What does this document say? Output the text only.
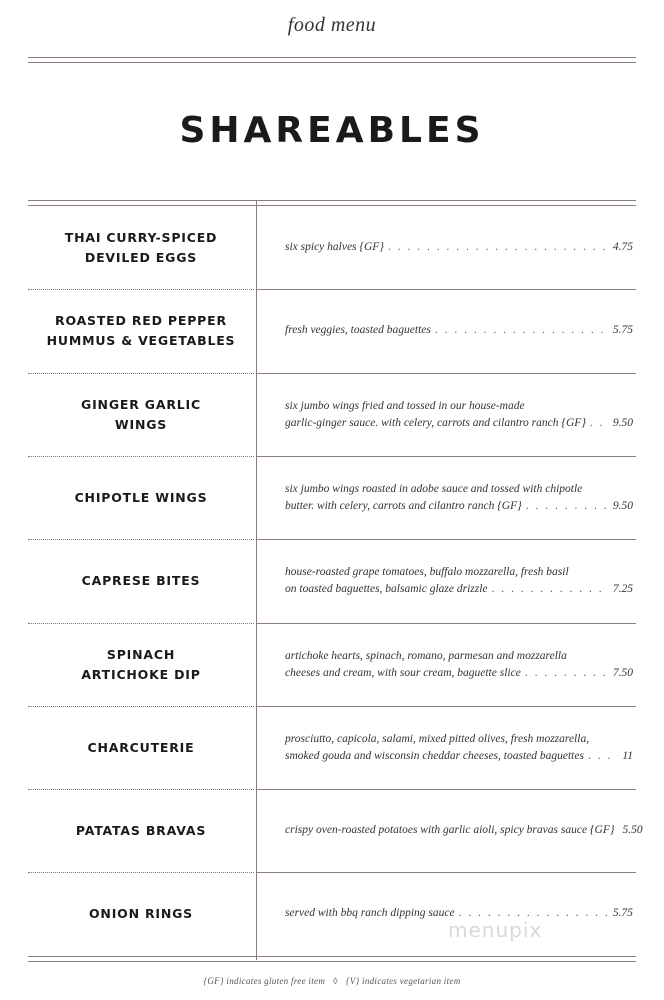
food menu
SHAREABLES
THAI CURRY-SPICED
DEVILED EGGS
six spicy halves {GF} . . .	4.75
ROASTED RED PEPPER
HUMMUS & VEGETABLES
fresh veggies, toasted baguettes . . .	5.75
GINGER GARLIC
WINGS
six jumbo wings fried and tossed in our house-made
garlic-ginger sauce. with celery, carrots and cilantro ranch {GF} . . . 9.50
CHIPOTLE WINGS
six jumbo wings roasted in adobe sauce and tossed with chipotle
butter. with celery, carrots and cilantro ranch {GF} . . .	9.50
CAPRESE BITES
house-roasted grape tomatoes, buffalo mozzarella, fresh basil
on toasted baguettes, balsamic glaze drizzle . . .	7.25
SPINACH
ARTICHOKE DIP
artichoke hearts, spinach, romano, parmesan and mozzarella
cheeses and cream, with sour cream, baguette slice . . .	7.50
CHARCUTERIE
prosciutto, capicola, salami, mixed pitted olives, fresh mozzarella,
smoked gouda and wisconsin cheddar cheeses, toasted baguettes . . .	11
PATATAS BRAVAS	crispy oven-roasted potatoes with garlic aioli, spicy bravas sauce {GF} 5.50
ONION RINGS	served with bbq ranch dipping sauce . . .	5.75
menupix
{GF} indicates gluten free item ◊ {V} indicates vegetarian item
